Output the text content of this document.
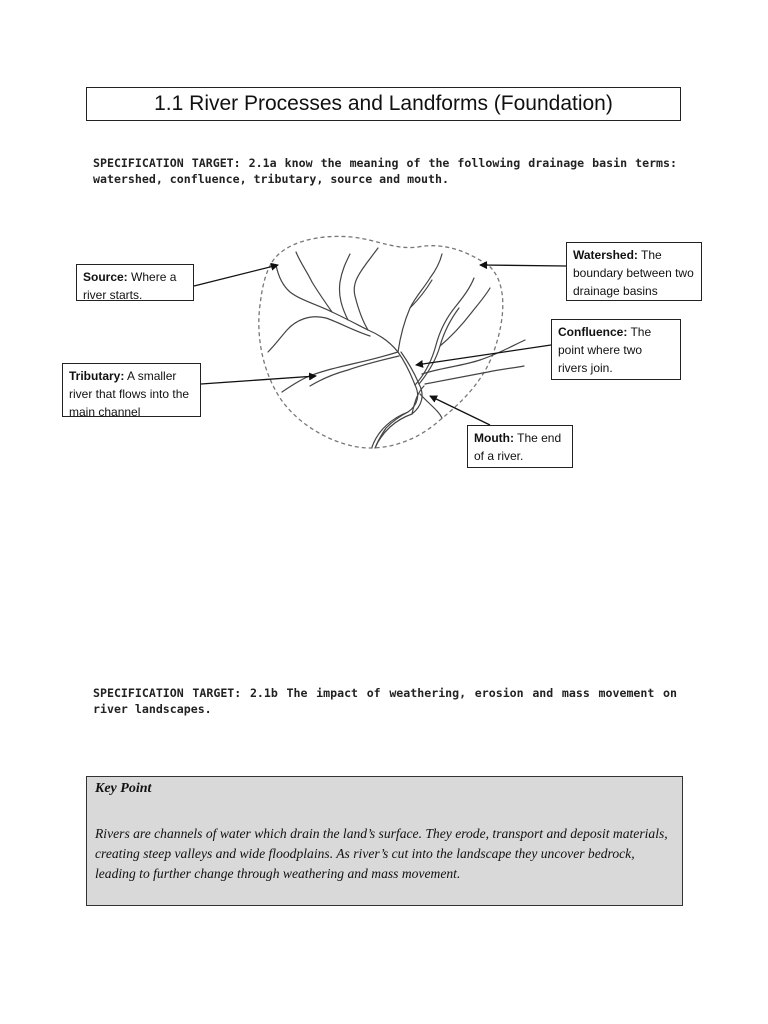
1.1 River Processes and Landforms (Foundation)
SPECIFICATION TARGET: 2.1a know the meaning of the following drainage basin terms: watershed, confluence, tributary, source and mouth.
Source: Where a river starts.
Watershed: The boundary between two drainage basins
Confluence: The point where two rivers join.
Tributary: A smaller river that flows into the main channel
Mouth: The end of a river.
SPECIFICATION TARGET: 2.1b The impact of weathering, erosion and mass movement on river landscapes.
Key Point
Rivers are channels of water which drain the land’s surface. They erode, transport and deposit materials, creating steep valleys and wide floodplains. As river’s cut into the landscape they uncover bedrock, leading to further change through weathering and mass movement.
